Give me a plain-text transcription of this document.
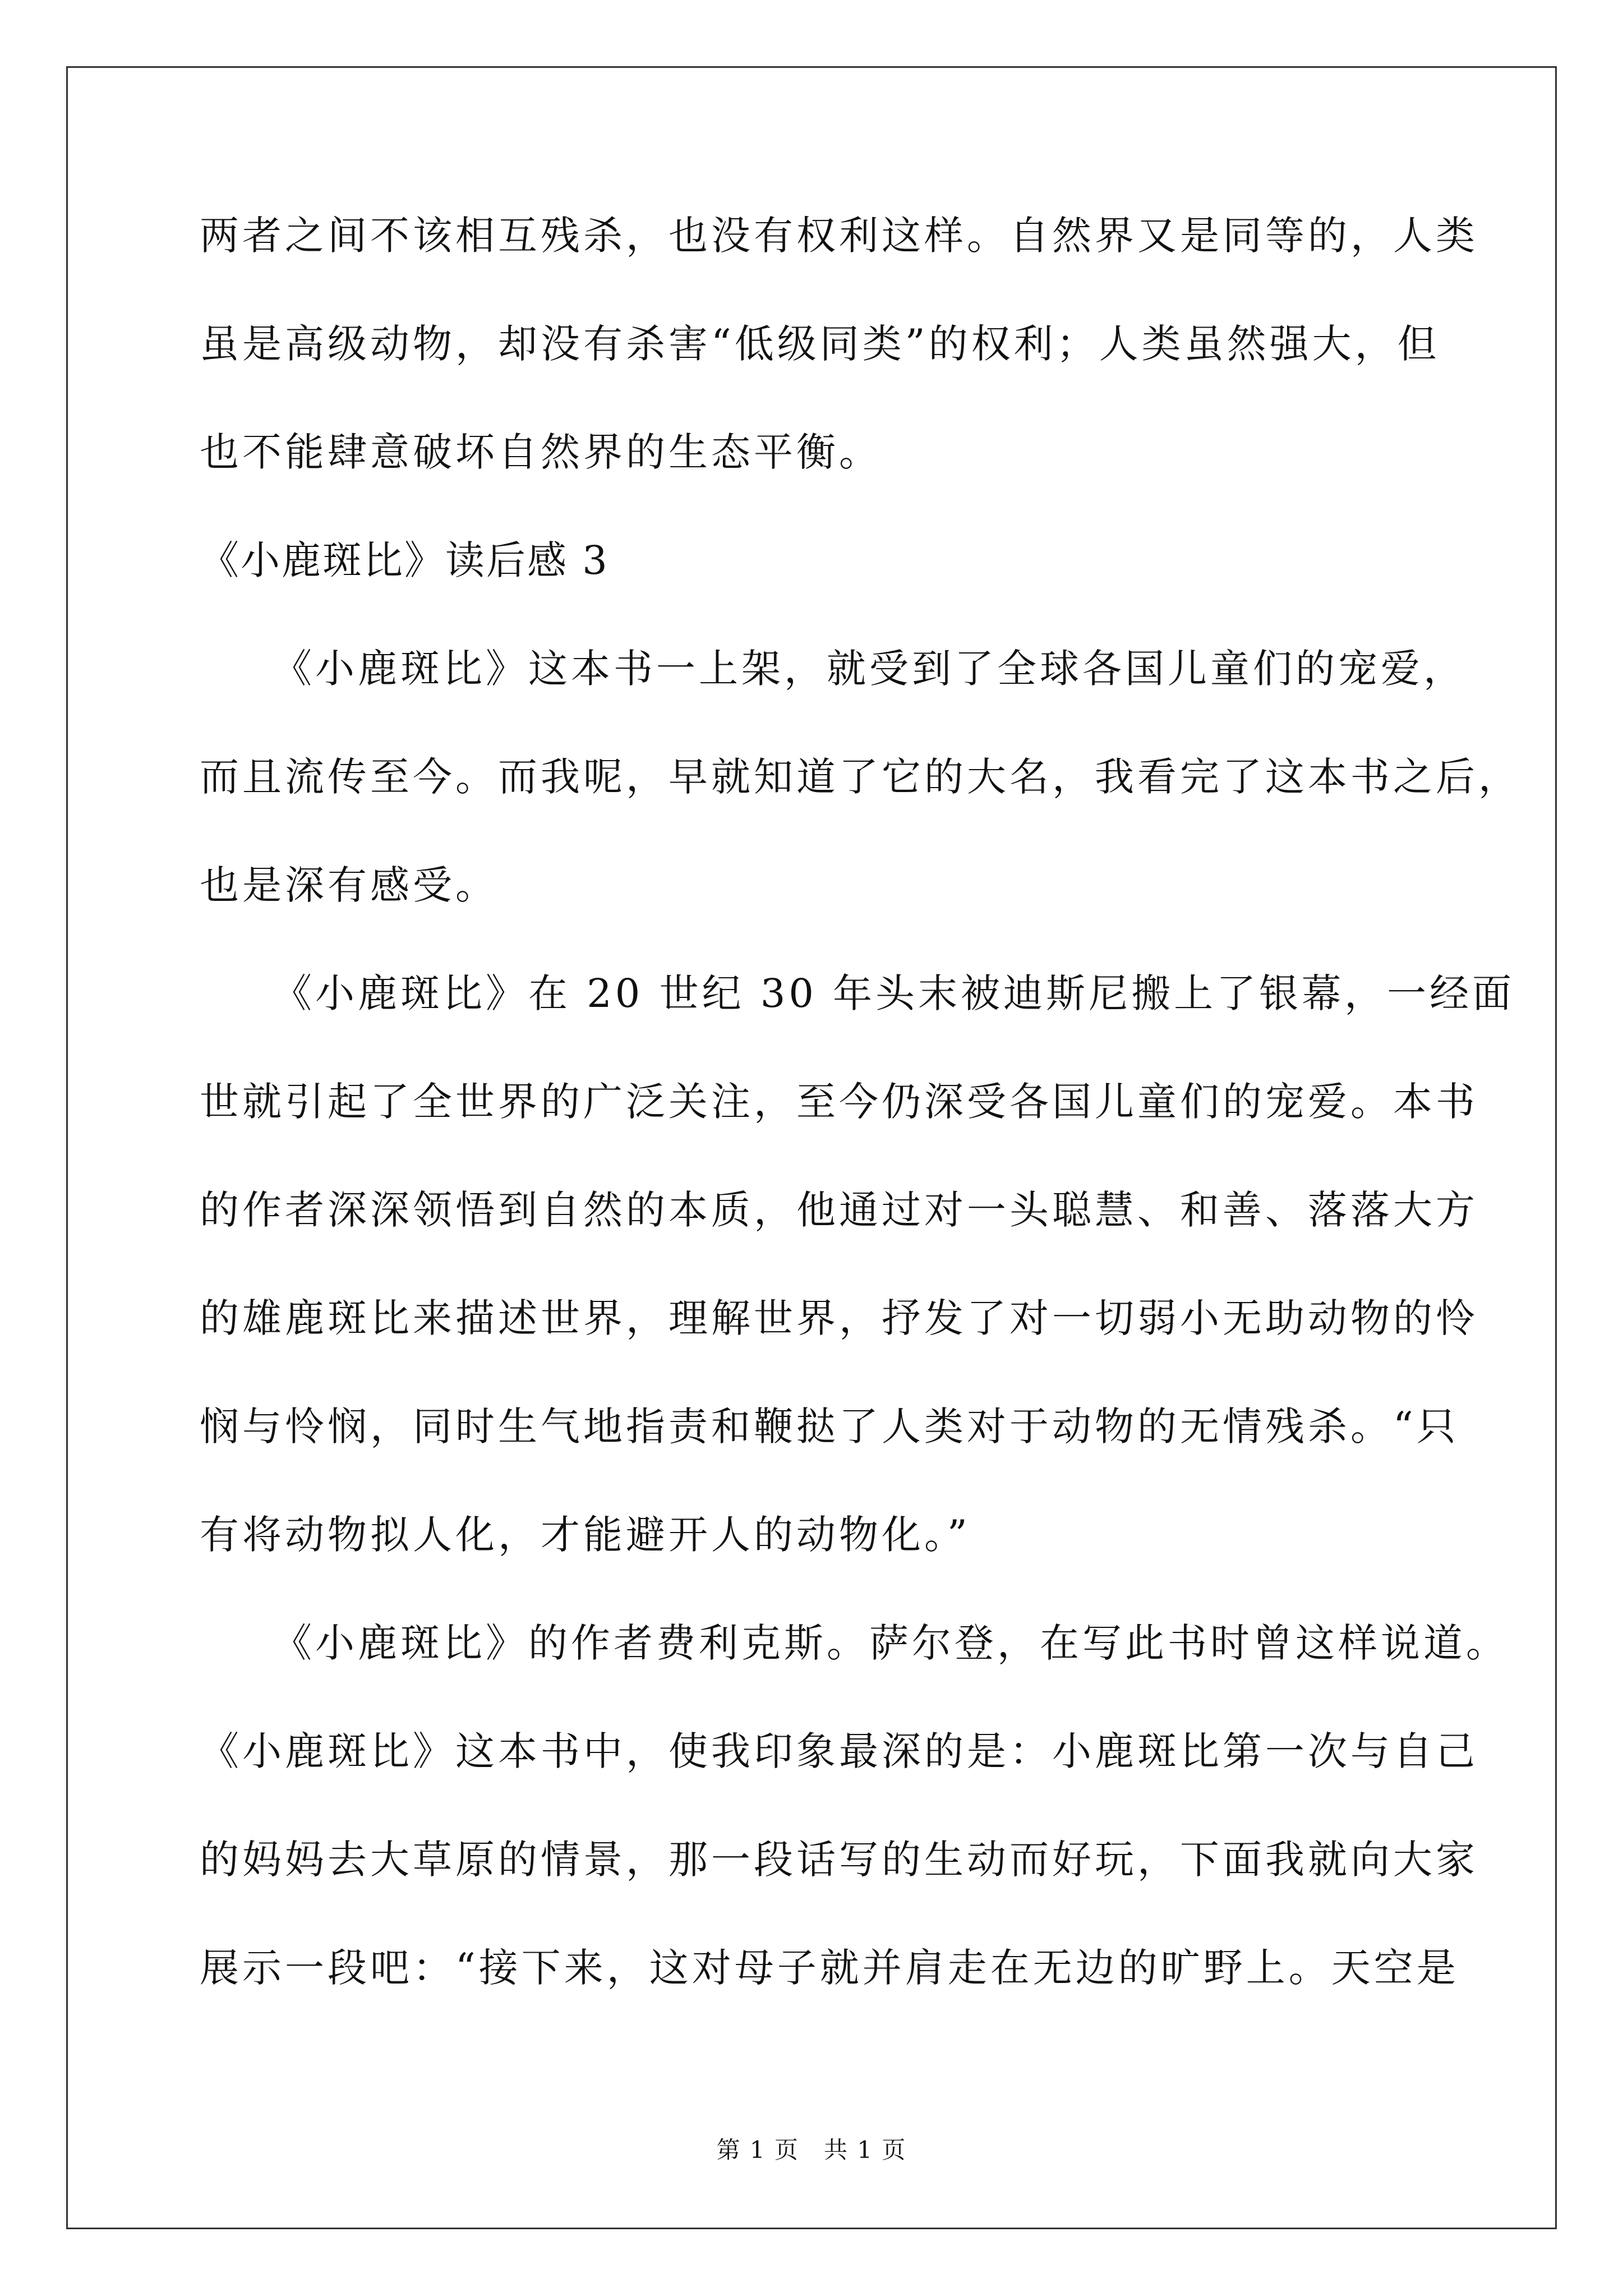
两者之间不该相互残杀，也没有权利这样。自然界又是同等的，人类
虽是高级动物，却没有杀害“低级同类”的权利；人类虽然强大，但
也不能肆意破坏自然界的生态平衡。
《小鹿斑比》读后感 3
《小鹿斑比》这本书一上架，就受到了全球各国儿童们的宠爱，
而且流传至今。而我呢，早就知道了它的大名，我看完了这本书之后，
也是深有感受。
《小鹿斑比》在 20 世纪 30 年头末被迪斯尼搬上了银幕，一经面
世就引起了全世界的广泛关注，至今仍深受各国儿童们的宠爱。本书
的作者深深领悟到自然的本质，他通过对一头聪慧、和善、落落大方
的雄鹿斑比来描述世界，理解世界，抒发了对一切弱小无助动物的怜
悯与怜悯，同时生气地指责和鞭挞了人类对于动物的无情残杀。“只
有将动物拟人化，才能避开人的动物化。”
《小鹿斑比》的作者费利克斯。萨尔登，在写此书时曾这样说道。
《小鹿斑比》这本书中，使我印象最深的是：小鹿斑比第一次与自己
的妈妈去大草原的情景，那一段话写的生动而好玩，下面我就向大家
展示一段吧：“接下来，这对母子就并肩走在无边的旷野上。天空是
第 1 页　共 1 页
